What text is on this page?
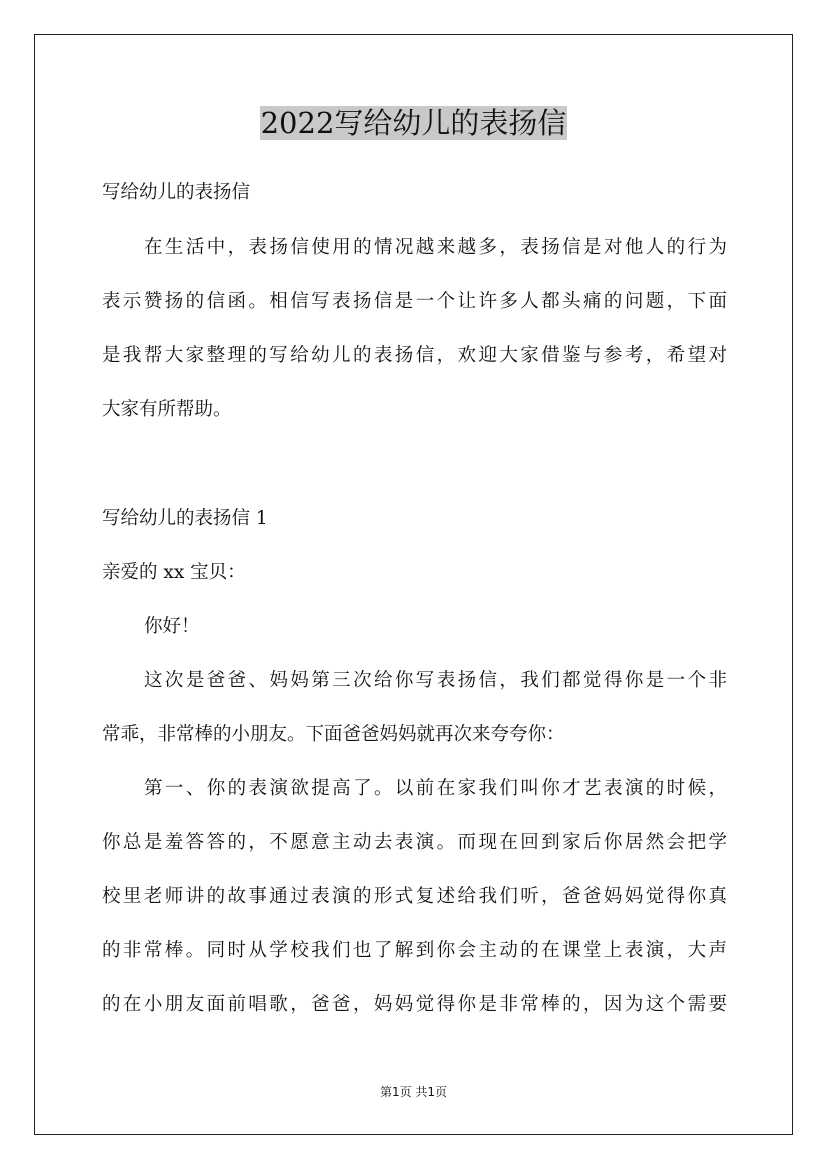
2022写给幼儿的表扬信

写给幼儿的表扬信

在生活中，表扬信使用的情况越来越多，表扬信是对他人的行为

表示赞扬的信函。相信写表扬信是一个让许多人都头痛的问题，下面

是我帮大家整理的写给幼儿的表扬信，欢迎大家借鉴与参考，希望对

大家有所帮助。

写给幼儿的表扬信 1

亲爱的 xx 宝贝：

你好！

这次是爸爸、妈妈第三次给你写表扬信，我们都觉得你是一个非

常乖，非常棒的小朋友。下面爸爸妈妈就再次来夸夸你：

第一、你的表演欲提高了。以前在家我们叫你才艺表演的时候，

你总是羞答答的，不愿意主动去表演。而现在回到家后你居然会把学

校里老师讲的故事通过表演的形式复述给我们听，爸爸妈妈觉得你真

的非常棒。同时从学校我们也了解到你会主动的在课堂上表演，大声

的在小朋友面前唱歌，爸爸，妈妈觉得你是非常棒的，因为这个需要

第1页 共1页
